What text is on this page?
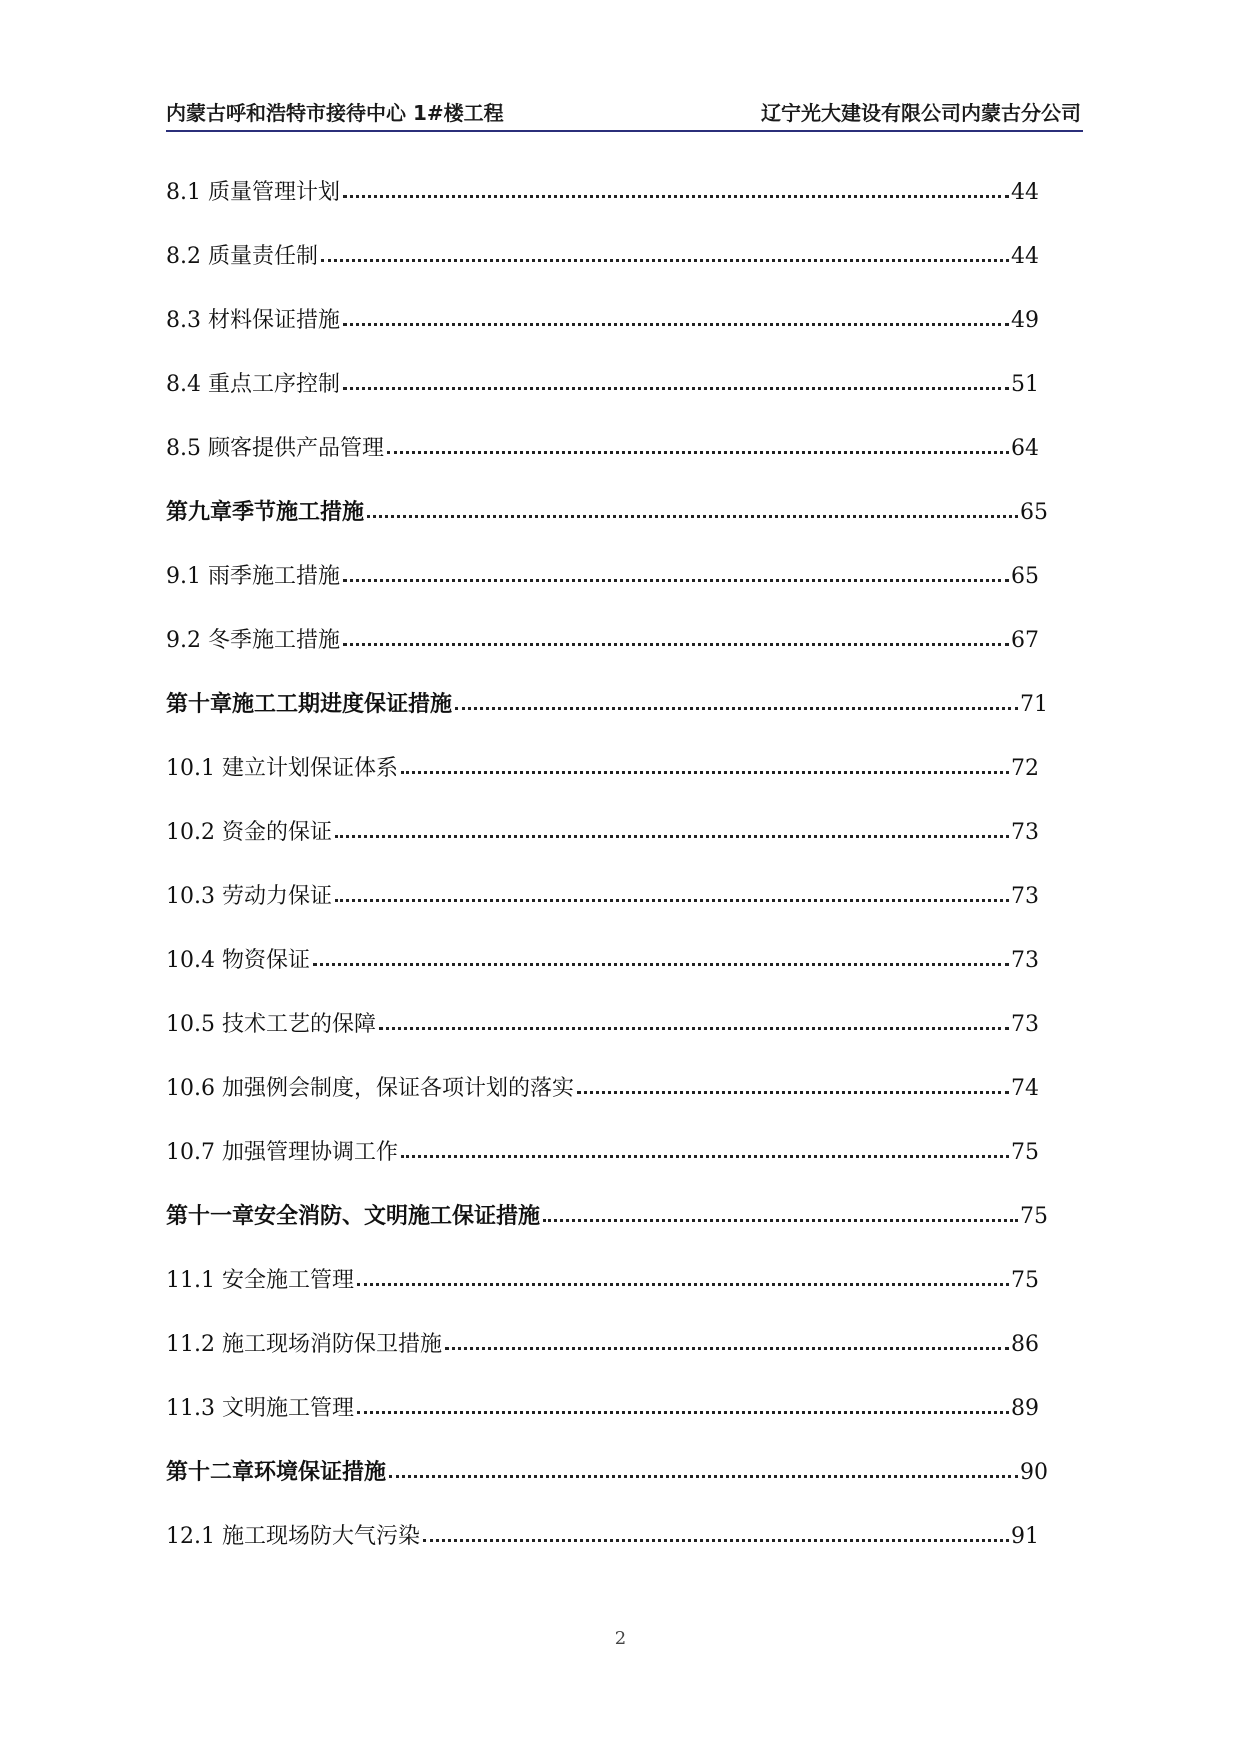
内蒙古呼和浩特市接待中心 1#楼工程	辽宁光大建设有限公司内蒙古分公司
8.1 质量管理计划	44
8.2 质量责任制	44
8.3 材料保证措施	49
8.4 重点工序控制	51
8.5 顾客提供产品管理	64
第九章季节施工措施	65
9.1 雨季施工措施	65
9.2 冬季施工措施	67
第十章施工工期进度保证措施	71
10.1 建立计划保证体系	72
10.2 资金的保证	73
10.3 劳动力保证	73
10.4 物资保证	73
10.5 技术工艺的保障	73
10.6 加强例会制度，保证各项计划的落实	74
10.7 加强管理协调工作	75
第十一章安全消防、文明施工保证措施	75
11.1 安全施工管理	75
11.2 施工现场消防保卫措施	86
11.3 文明施工管理	89
第十二章环境保证措施	90
12.1 施工现场防大气污染	91
2
